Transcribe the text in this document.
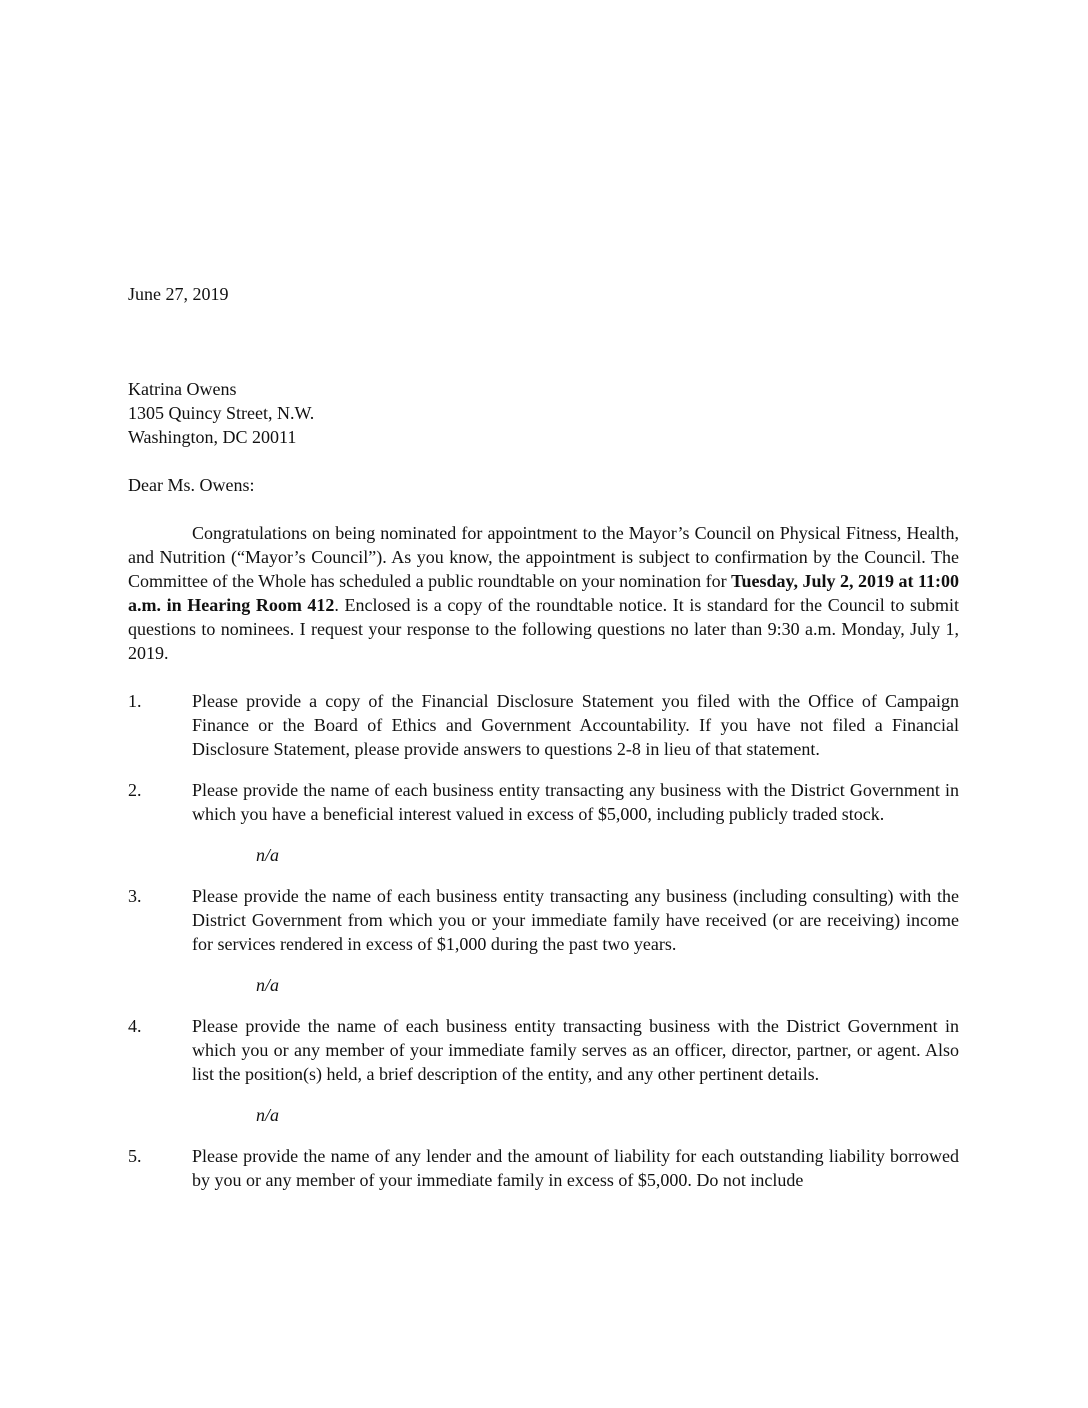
June 27, 2019
Katrina Owens
1305 Quincy Street, N.W.
Washington, DC 20011
Dear Ms. Owens:

Congratulations on being nominated for appointment to the Mayor’s Council on Physical Fitness, Health, and Nutrition (“Mayor’s Council”). As you know, the appointment is subject to confirmation by the Council. The Committee of the Whole has scheduled a public roundtable on your nomination for Tuesday, July 2, 2019 at 11:00 a.m. in Hearing Room 412. Enclosed is a copy of the roundtable notice. It is standard for the Council to submit questions to nominees. I request your response to the following questions no later than 9:30 a.m. Monday, July 1, 2019.

1.	Please provide a copy of the Financial Disclosure Statement you filed with the Office of Campaign Finance or the Board of Ethics and Government Accountability. If you have not filed a Financial Disclosure Statement, please provide answers to questions 2-8 in lieu of that statement.
2.	Please provide the name of each business entity transacting any business with the District Government in which you have a beneficial interest valued in excess of $5,000, including publicly traded stock.
n/a
3.	Please provide the name of each business entity transacting any business (including consulting) with the District Government from which you or your immediate family have received (or are receiving) income for services rendered in excess of $1,000 during the past two years.
n/a
4.	Please provide the name of each business entity transacting business with the District Government in which you or any member of your immediate family serves as an officer, director, partner, or agent. Also list the position(s) held, a brief description of the entity, and any other pertinent details.
n/a
5.	Please provide the name of any lender and the amount of liability for each outstanding liability borrowed by you or any member of your immediate family in excess of $5,000. Do not include
